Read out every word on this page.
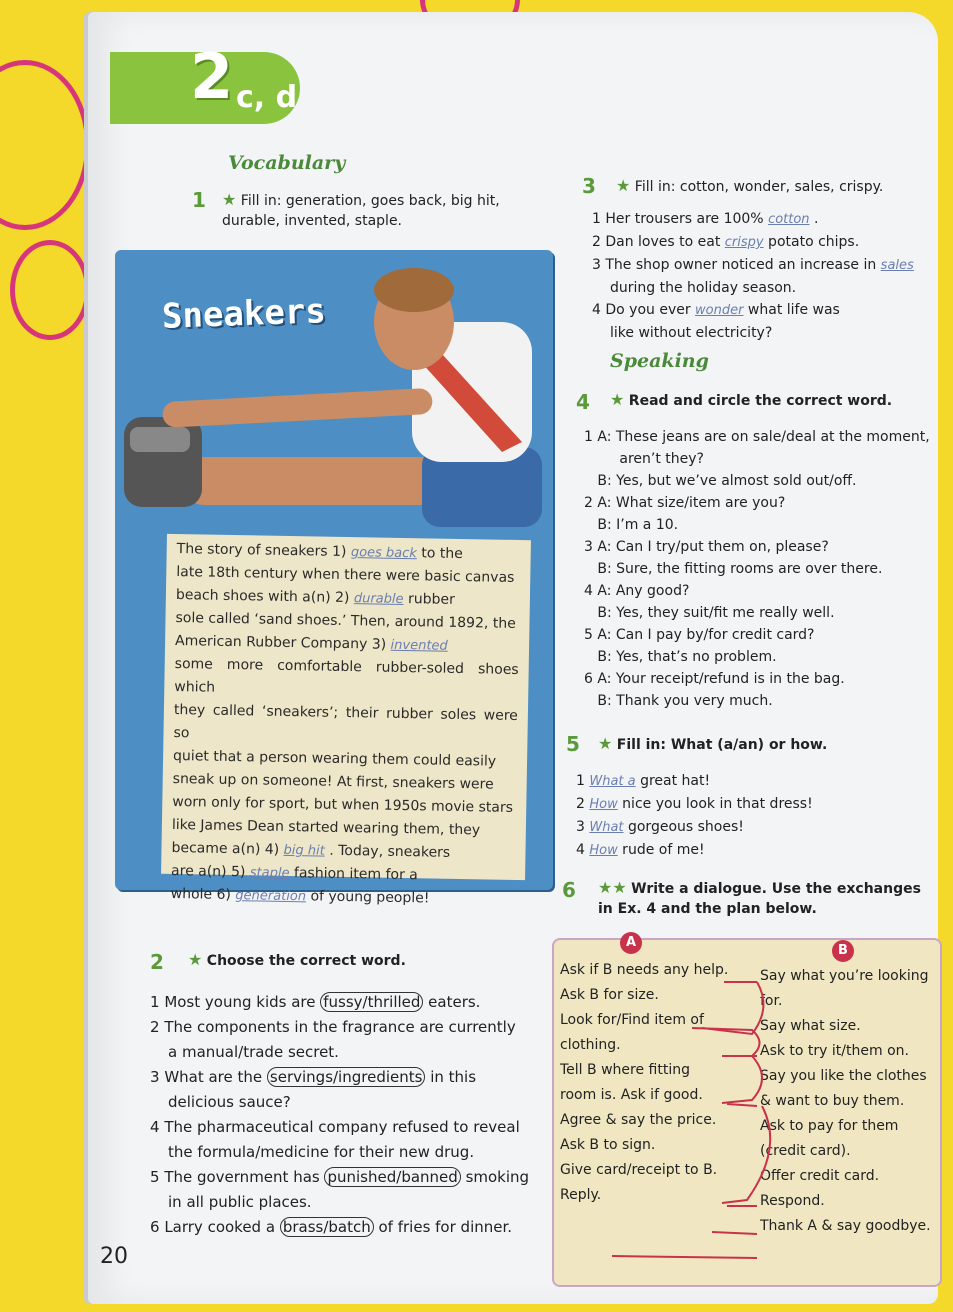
2 c, d
Vocabulary
1 ★ Fill in: generation, goes back, big hit,
durable, invented, staple.
Sneakers
The story of sneakers 1) goes back to the
late 18th century when there were basic canvas
beach shoes with a(n) 2) durable rubber
sole called ‘sand shoes.’ Then, around 1892, the
American Rubber Company 3) invented
some more comfortable rubber-soled shoes which
they called ‘sneakers’; their rubber soles were so
quiet that a person wearing them could easily
sneak up on someone! At first, sneakers were
worn only for sport, but when 1950s movie stars
like James Dean started wearing them, they
became a(n) 4) big hit . Today, sneakers
are a(n) 5) staple fashion item for a
whole 6) generation of young people!
2 ★ Choose the correct word.
1 Most young kids are fussy/thrilled eaters.
2 The components in the fragrance are currently
a manual/trade secret.
3 What are the servings/ingredients in this
delicious sauce?
4 The pharmaceutical company refused to reveal
the formula/medicine for their new drug.
5 The government has punished/banned smoking
in all public places.
6 Larry cooked a brass/batch of fries for dinner.
3 ★ Fill in: cotton, wonder, sales, crispy.
1 Her trousers are 100% cotton .
2 Dan loves to eat crispy potato chips.
3 The shop owner noticed an increase in sales
during the holiday season.
4 Do you ever wonder what life was
like without electricity?
Speaking
4 ★ Read and circle the correct word.
1 A: These jeans are on sale/deal at the moment,
aren’t they?
B: Yes, but we’ve almost sold out/off.
2 A: What size/item are you?
B: I’m a 10.
3 A: Can I try/put them on, please?
B: Sure, the fitting rooms are over there.
4 A: Any good?
B: Yes, they suit/fit me really well.
5 A: Can I pay by/for credit card?
B: Yes, that’s no problem.
6 A: Your receipt/refund is in the bag.
B: Thank you very much.
5 ★ Fill in: What (a/an) or how.
1 What a great hat!
2 How nice you look in that dress!
3 What gorgeous shoes!
4 How rude of me!
6 ★★ Write a dialogue. Use the exchanges
in Ex. 4 and the plan below.
A
B
Ask if B needs any help.
Ask B for size.
Look for/Find item of
clothing.
Tell B where fitting
room is. Ask if good.
Agree & say the price.
Ask B to sign.
Give card/receipt to B.
Reply.
Say what you’re looking
for.
Say what size.
Ask to try it/them on.
Say you like the clothes
& want to buy them.
Ask to pay for them
(credit card).
Offer credit card.
Respond.
Thank A & say goodbye.
20
